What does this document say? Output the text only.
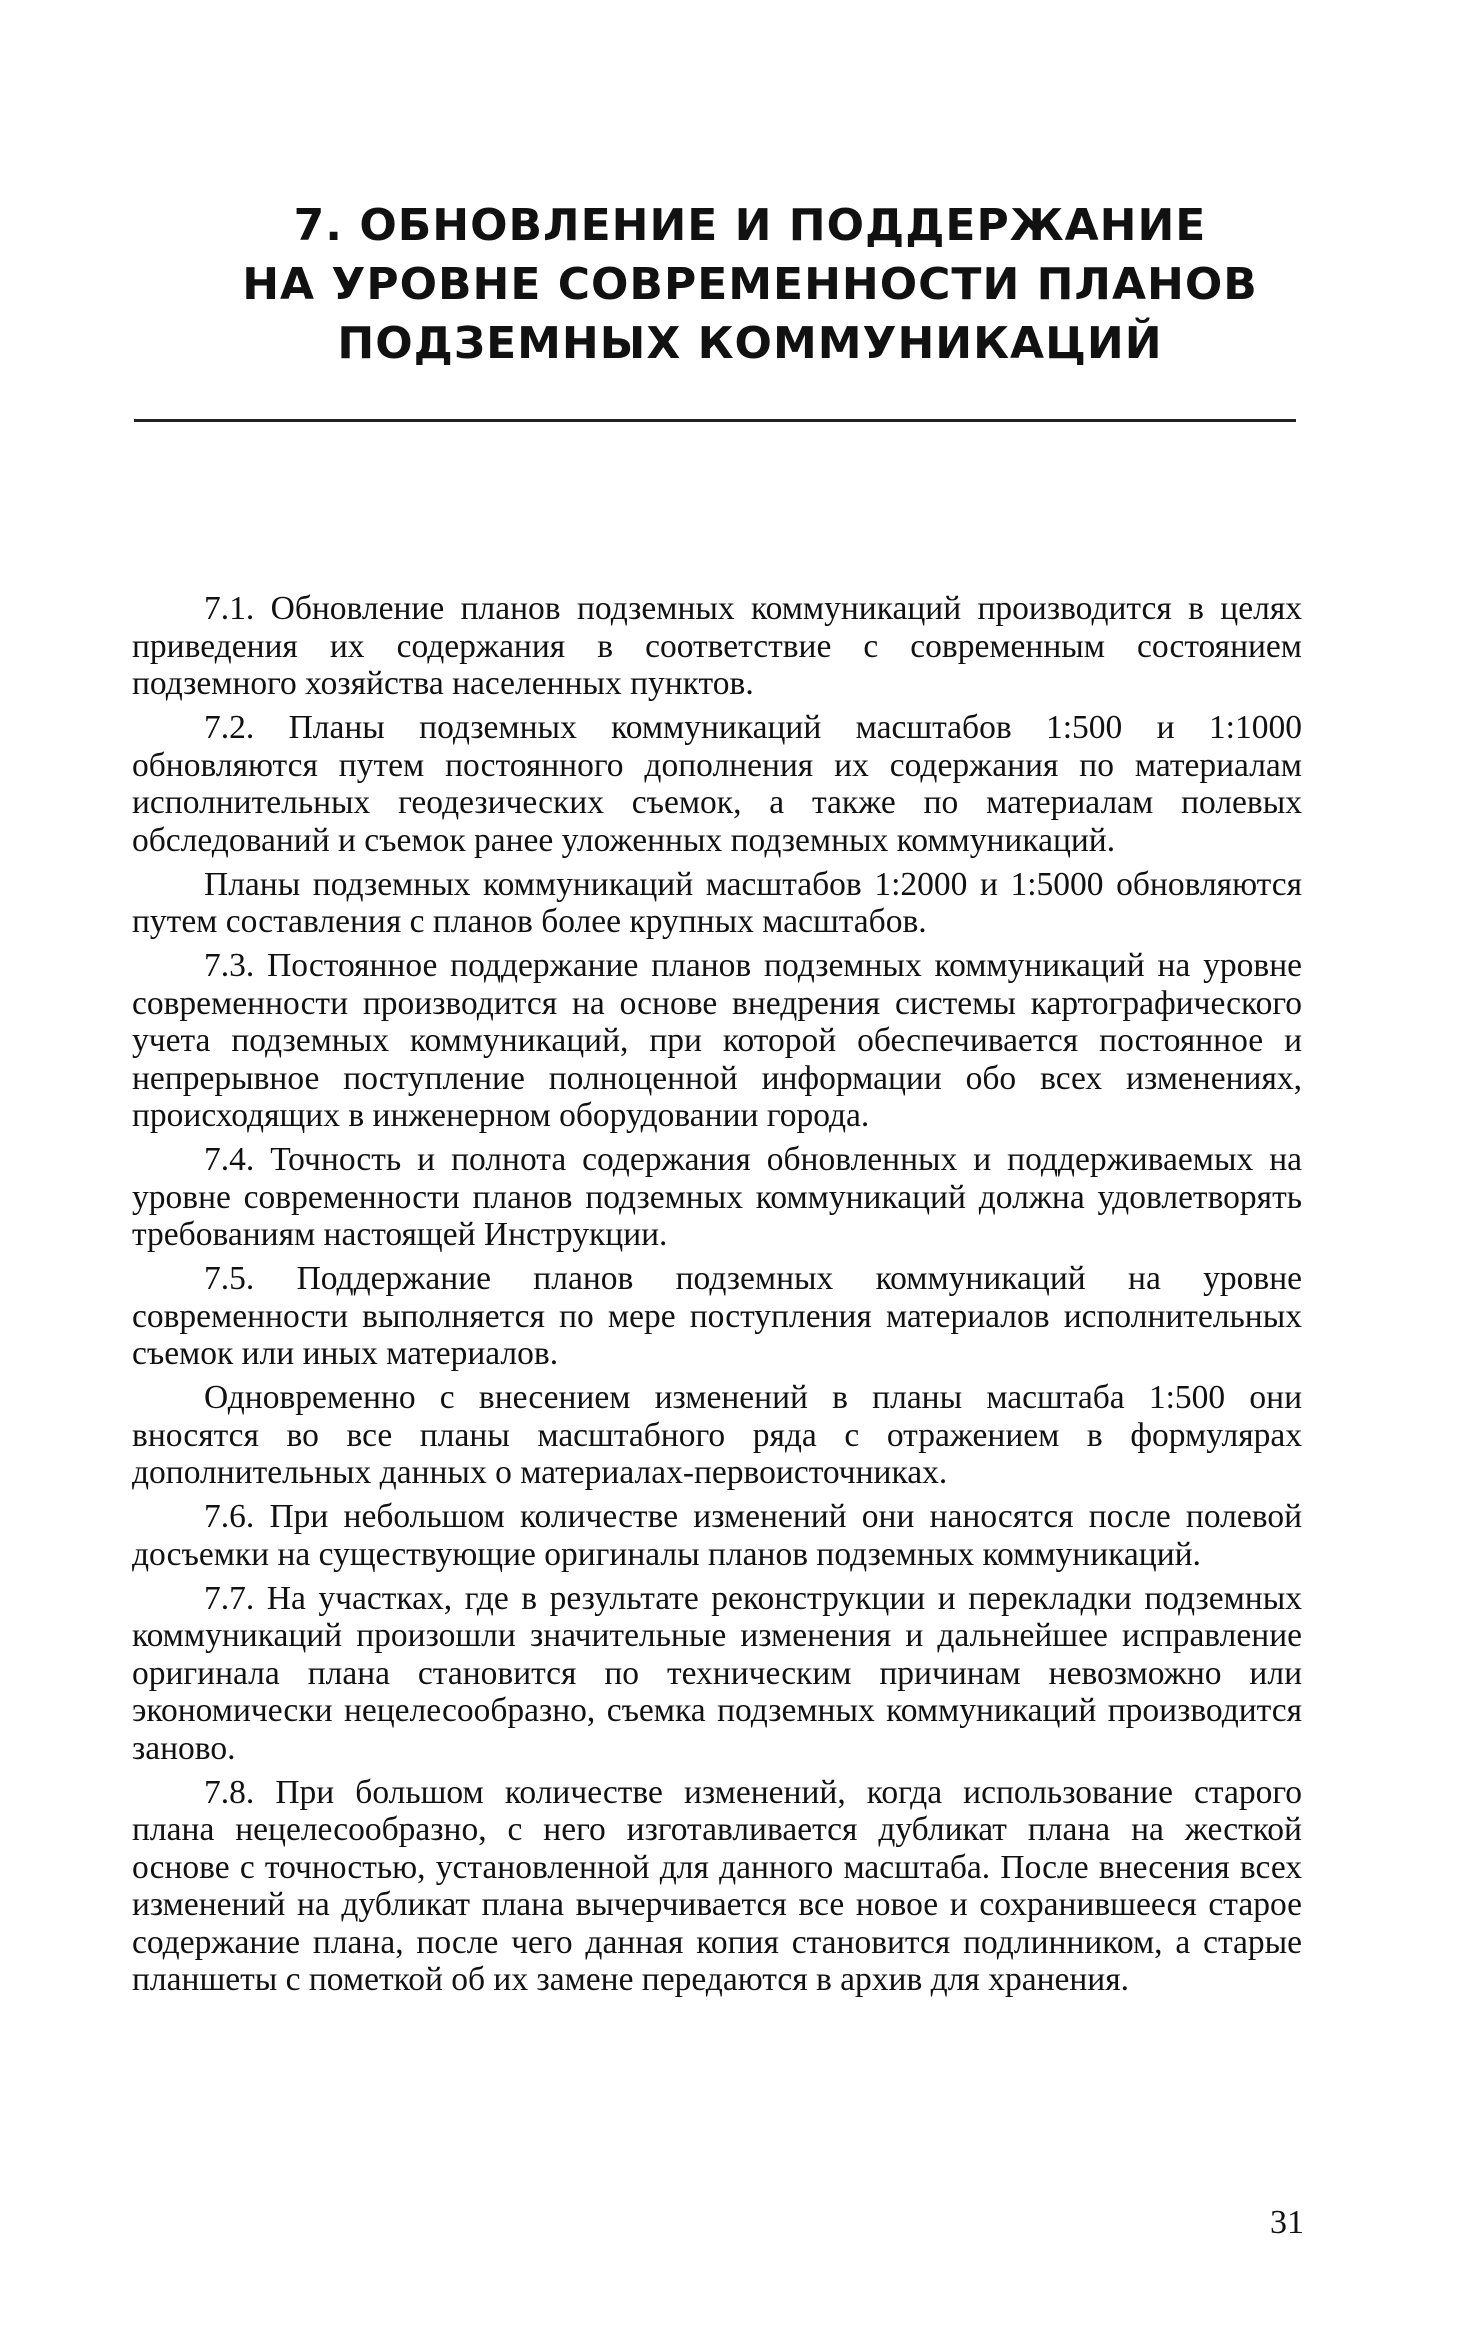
7. ОБНОВЛЕНИЕ И ПОДДЕРЖАНИЕ
НА УРОВНЕ СОВРЕМЕННОСТИ ПЛАНОВ
ПОДЗЕМНЫХ КОММУНИКАЦИЙ

7.1. Обновление планов подземных коммуникаций производится в целях приведения их содержания в соответствие с современным состоянием подземного хозяйства населенных пунктов.

7.2. Планы подземных коммуникаций масштабов 1:500 и 1:1000 обновляются путем постоянного дополнения их содержания по материалам исполнительных геодезических съемок, а также по материалам полевых обследований и съемок ранее уложенных подземных коммуникаций.

Планы подземных коммуникаций масштабов 1:2000 и 1:5000 обновляются путем составления с планов более крупных масштабов.

7.3. Постоянное поддержание планов подземных коммуникаций на уровне современности производится на основе внедрения системы картографического учета подземных коммуникаций, при которой обеспечивается постоянное и непрерывное поступление полноценной информации обо всех изменениях, происходящих в инженерном оборудовании города.

7.4. Точность и полнота содержания обновленных и поддерживаемых на уровне современности планов подземных коммуникаций должна удовлетворять требованиям настоящей Инструкции.

7.5. Поддержание планов подземных коммуникаций на уровне современности выполняется по мере поступления материалов исполнительных съемок или иных материалов.

Одновременно с внесением изменений в планы масштаба 1:500 они вносятся во все планы масштабного ряда с отражением в формулярах дополнительных данных о материалах-первоисточниках.

7.6. При небольшом количестве изменений они наносятся после полевой досъемки на существующие оригиналы планов подземных коммуникаций.

7.7. На участках, где в результате реконструкции и перекладки подземных коммуникаций произошли значительные изменения и дальнейшее исправление оригинала плана становится по техническим причинам невозможно или экономически нецелесообразно, съемка подземных коммуникаций производится заново.

7.8. При большом количестве изменений, когда использование старого плана нецелесообразно, с него изготавливается дубликат плана на жесткой основе с точностью, установленной для данного масштаба. После внесения всех изменений на дубликат плана вычерчивается все новое и сохранившееся старое содержание плана, после чего данная копия становится подлинником, а старые планшеты с пометкой об их замене передаются в архив для хранения.

31
